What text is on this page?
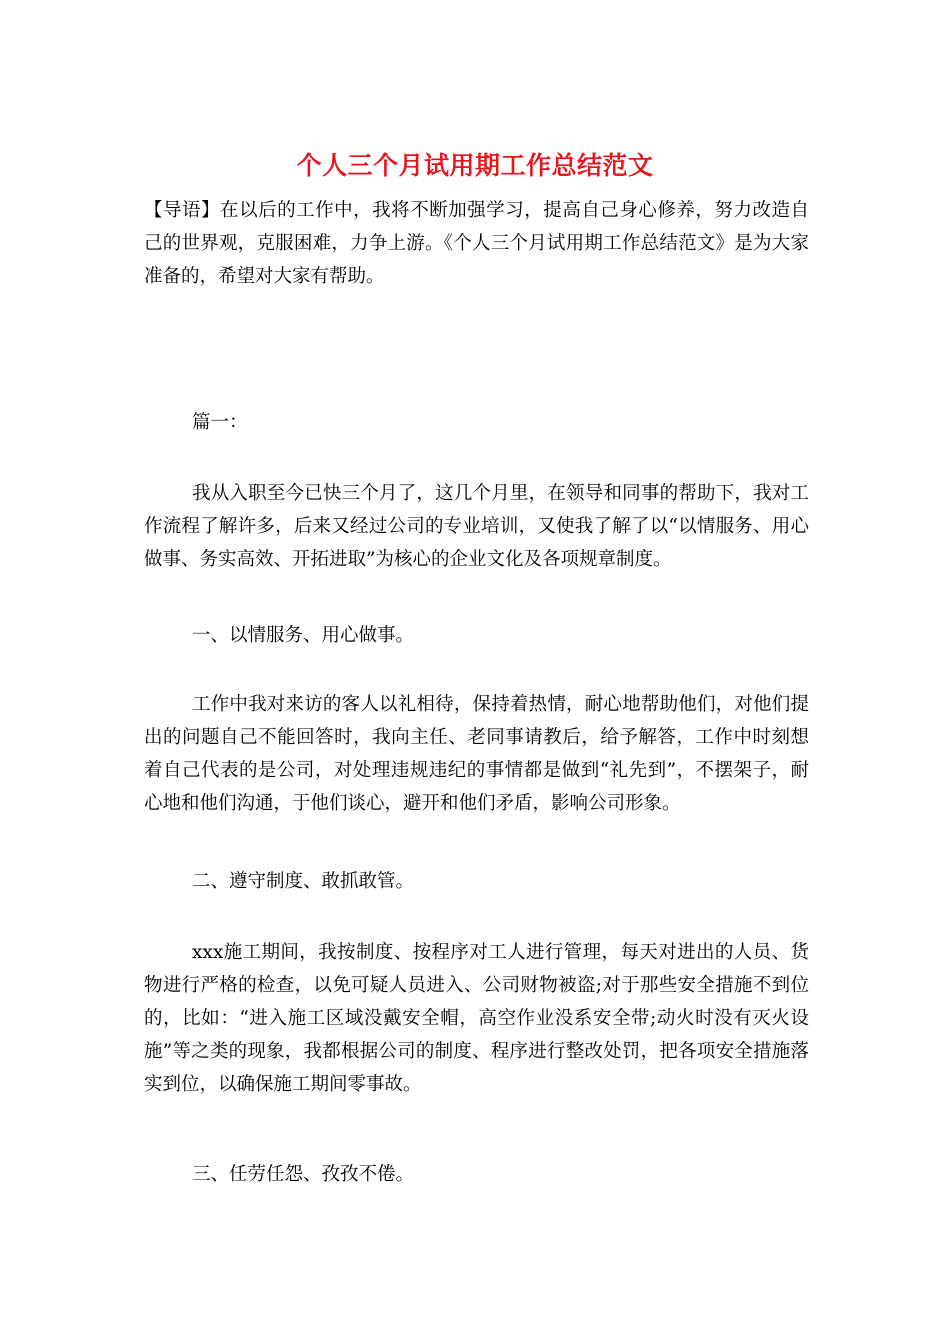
个人三个月试用期工作总结范文
【导语】在以后的工作中，我将不断加强学习，提高自己身心修养，努力改造自己的世界观，克服困难，力争上游。《个人三个月试用期工作总结范文》是为大家准备的，希望对大家有帮助。
篇一：
我从入职至今已快三个月了，这几个月里，在领导和同事的帮助下，我对工作流程了解许多，后来又经过公司的专业培训，又使我了解了以“以情服务、用心做事、务实高效、开拓进取”为核心的企业文化及各项规章制度。
一、以情服务、用心做事。
工作中我对来访的客人以礼相待，保持着热情，耐心地帮助他们，对他们提出的问题自己不能回答时，我向主任、老同事请教后，给予解答，工作中时刻想着自己代表的是公司，对处理违规违纪的事情都是做到“礼先到”，不摆架子，耐心地和他们沟通，于他们谈心，避开和他们矛盾，影响公司形象。
二、遵守制度、敢抓敢管。
xxx施工期间，我按制度、按程序对工人进行管理，每天对进出的人员、货物进行严格的检查，以免可疑人员进入、公司财物被盗;对于那些安全措施不到位的，比如：“进入施工区域没戴安全帽，高空作业没系安全带;动火时没有灭火设施”等之类的现象，我都根据公司的制度、程序进行整改处罚，把各项安全措施落实到位，以确保施工期间零事故。
三、任劳任怨、孜孜不倦。
